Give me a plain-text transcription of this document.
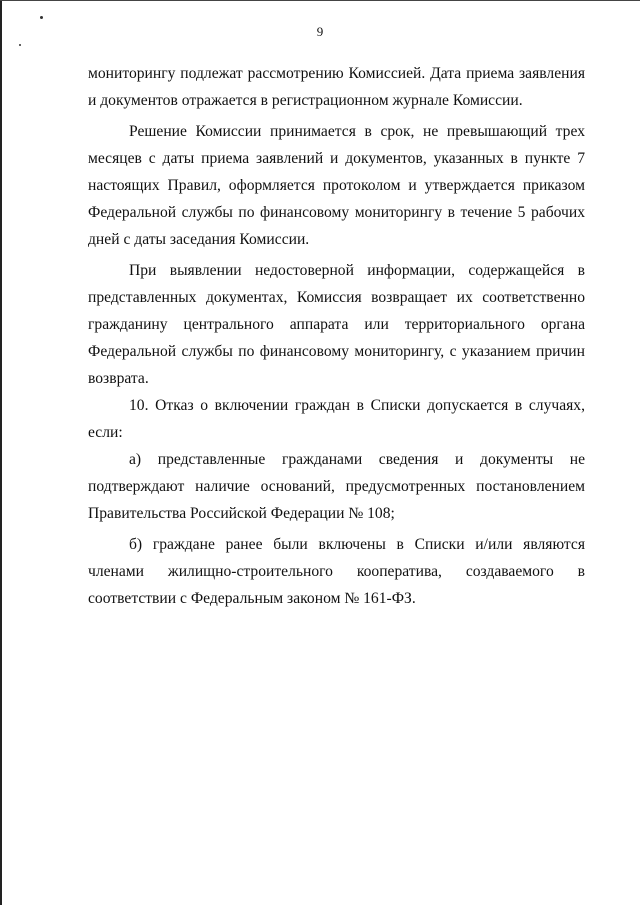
9

мониторингу подлежат рассмотрению Комиссией. Дата приема заявления и документов отражается в регистрационном журнале Комиссии.

Решение Комиссии принимается в срок, не превышающий трех месяцев с даты приема заявлений и документов, указанных в пункте 7 настоящих Правил, оформляется протоколом и утверждается приказом Федеральной службы по финансовому мониторингу в течение 5 рабочих дней с даты заседания Комиссии.

При выявлении недостоверной информации, содержащейся в представленных документах, Комиссия возвращает их соответственно гражданину центрального аппарата или территориального органа Федеральной службы по финансовому мониторингу, с указанием причин возврата.

10. Отказ о включении граждан в Списки допускается в случаях, если:

а) представленные гражданами сведения и документы не подтверждают наличие оснований, предусмотренных постановлением Правительства Российской Федерации № 108;

б) граждане ранее были включены в Списки и/или являются членами жилищно-строительного кооператива, создаваемого в соответствии с Федеральным законом № 161-ФЗ.
